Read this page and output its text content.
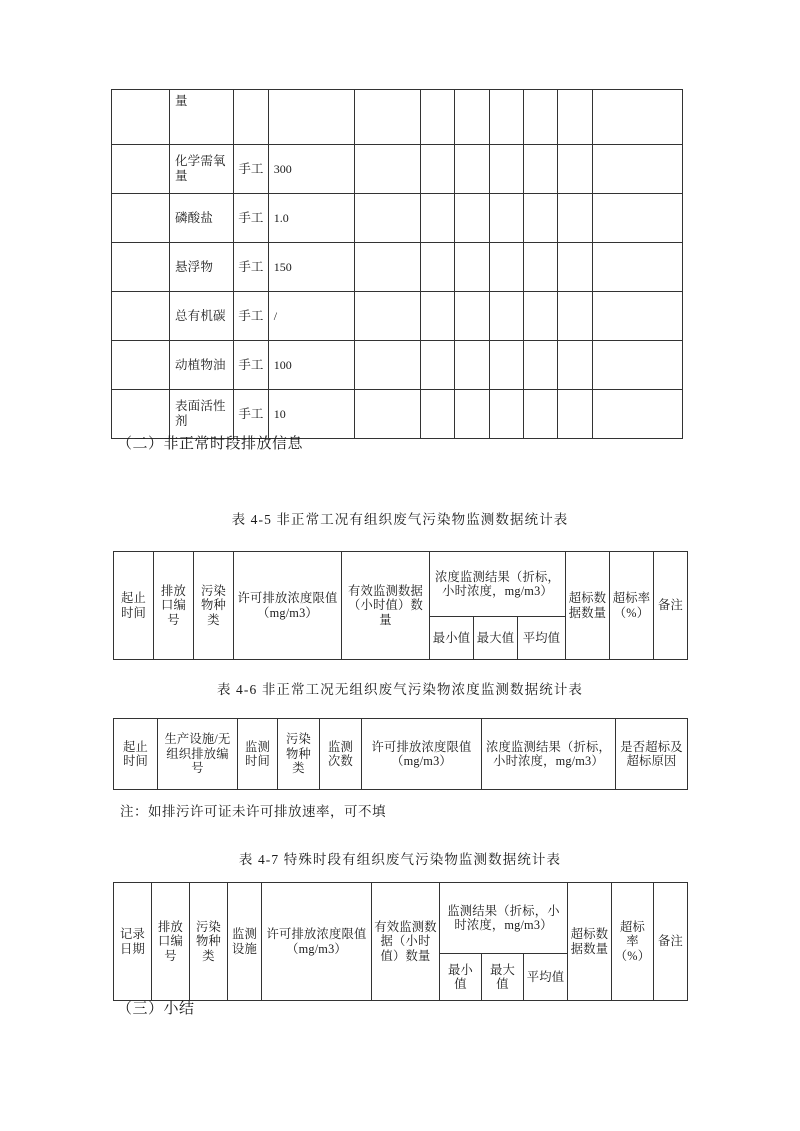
	量									
	化学需氧量	手工	300							
	磷酸盐	手工	1.0							
	悬浮物	手工	150							
	总有机碳	手工	/							
	动植物油	手工	100							
	表面活性剂	手工	10							
（二）非正常时段排放信息
表 4-5 非正常工况有组织废气污染物监测数据统计表
起止时间	排放口编号	污染物种类	许可排放浓度限值（mg/m3）	有效监测数据（小时值）数量	浓度监测结果（折标，小时浓度，mg/m3）			超标数据数量	超标率（%）	备注
					最小值	最大值	平均值			
表 4-6 非正常工况无组织废气污染物浓度监测数据统计表
起止时间	生产设施/无组织排放编号	监测时间	污染物种类	监测次数	许可排放浓度限值（mg/m3）	浓度监测结果（折标，小时浓度，mg/m3）	是否超标及超标原因
注：如排污许可证未许可排放速率，可不填
表 4-7 特殊时段有组织废气污染物监测数据统计表
记录日期	排放口编号	污染物种类	监测设施	许可排放浓度限值（mg/m3）	有效监测数据（小时值）数量	监测结果（折标，小时浓度，mg/m3）			超标数据数量	超标率（%）	备注
						最小值	最大值	平均值			
（三）小结
